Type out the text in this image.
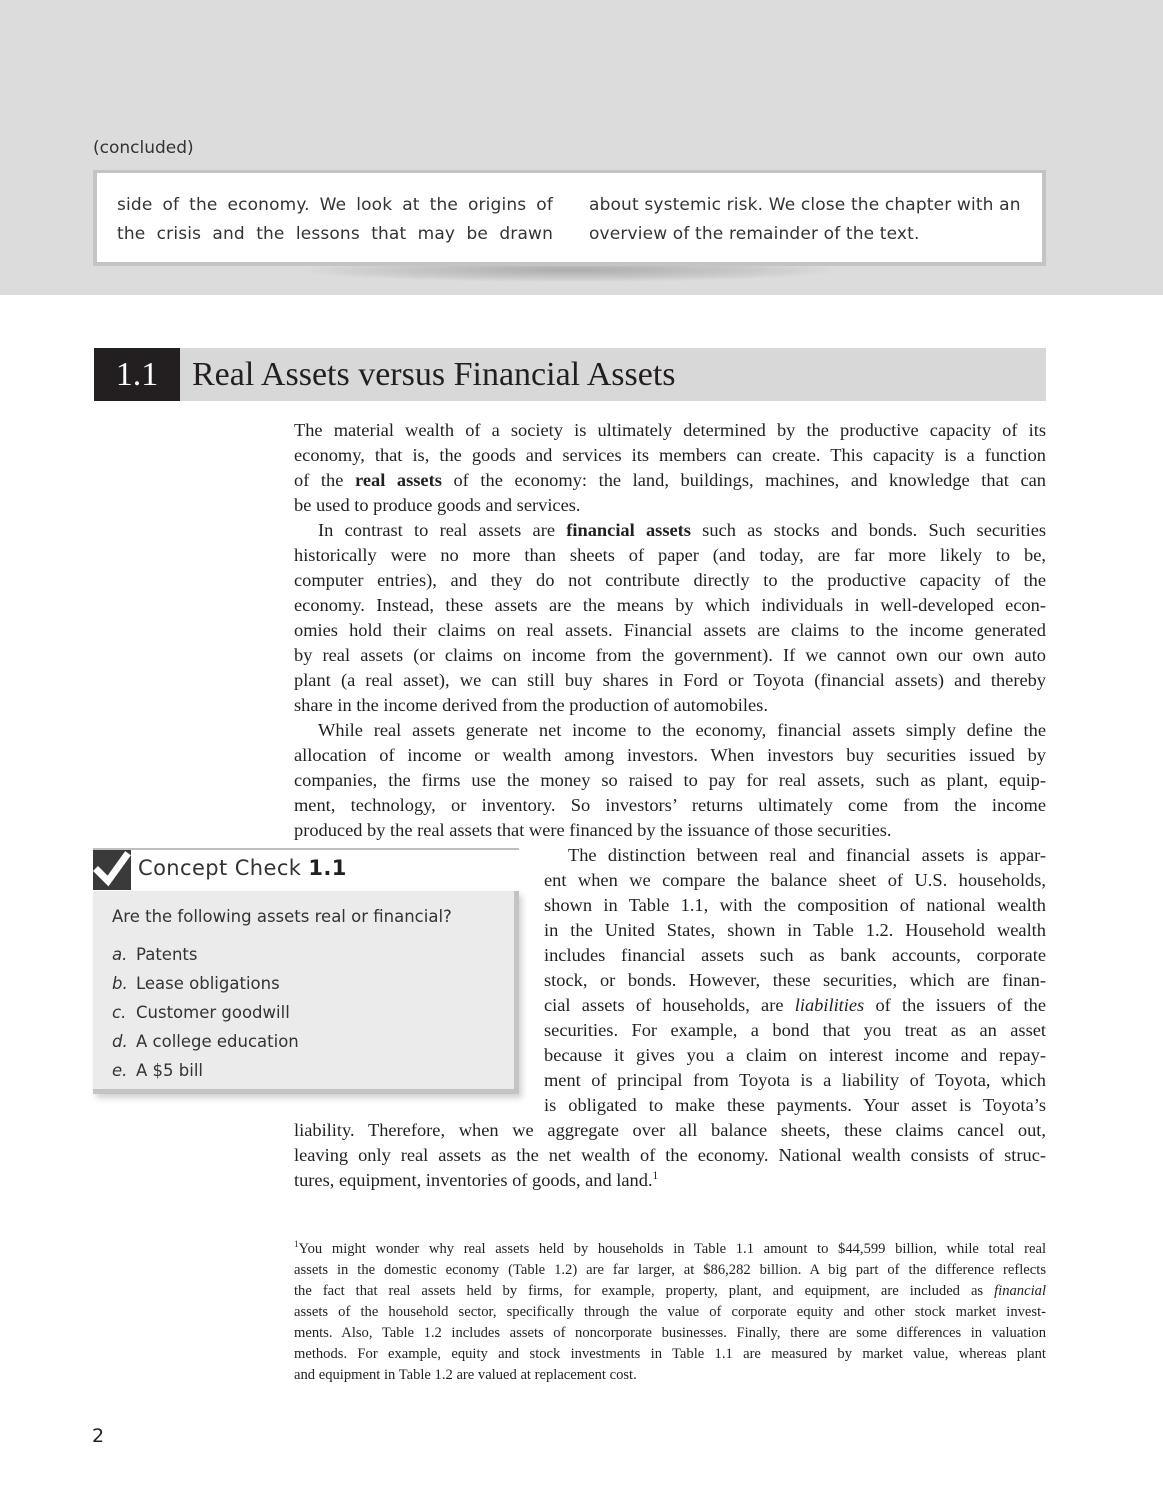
(concluded)
side of the economy. We look at the origins of
the crisis and the lessons that may be drawn
about systemic risk. We close the chapter with an
overview of the remainder of the text.
1.1 Real Assets versus Financial Assets
The material wealth of a society is ultimately determined by the productive capacity of its
economy, that is, the goods and services its members can create. This capacity is a function
of the real assets of the economy: the land, buildings, machines, and knowledge that can
be used to produce goods and services.
In contrast to real assets are financial assets such as stocks and bonds. Such securities
historically were no more than sheets of paper (and today, are far more likely to be,
computer entries), and they do not contribute directly to the productive capacity of the
economy. Instead, these assets are the means by which individuals in well-developed econ-
omies hold their claims on real assets. Financial assets are claims to the income generated
by real assets (or claims on income from the government). If we cannot own our own auto
plant (a real asset), we can still buy shares in Ford or Toyota (financial assets) and thereby
share in the income derived from the production of automobiles.
While real assets generate net income to the economy, financial assets simply define the
allocation of income or wealth among investors. When investors buy securities issued by
companies, the firms use the money so raised to pay for real assets, such as plant, equip-
ment, technology, or inventory. So investors’ returns ultimately come from the income
produced by the real assets that were financed by the issuance of those securities.
The distinction between real and financial assets is appar-
ent when we compare the balance sheet of U.S. households,
shown in Table 1.1, with the composition of national wealth
in the United States, shown in Table 1.2. Household wealth
includes financial assets such as bank accounts, corporate
stock, or bonds. However, these securities, which are finan-
cial assets of households, are liabilities of the issuers of the
securities. For example, a bond that you treat as an asset
because it gives you a claim on interest income and repay-
ment of principal from Toyota is a liability of Toyota, which
is obligated to make these payments. Your asset is Toyota’s
liability. Therefore, when we aggregate over all balance sheets, these claims cancel out,
leaving only real assets as the net wealth of the economy. National wealth consists of struc-
tures, equipment, inventories of goods, and land.$^1$
Concept Check 1.1
Are the following assets real or financial?
a. Patents
b. Lease obligations
c. Customer goodwill
d. A college education
e. A $5 bill
$^1$You might wonder why real assets held by households in Table 1.1 amount to $44,599 billion, while total real
assets in the domestic economy (Table 1.2) are far larger, at $86,282 billion. A big part of the difference reflects
the fact that real assets held by firms, for example, property, plant, and equipment, are included as financial
assets of the household sector, specifically through the value of corporate equity and other stock market invest-
ments. Also, Table 1.2 includes assets of noncorporate businesses. Finally, there are some differences in valuation
methods. For example, equity and stock investments in Table 1.1 are measured by market value, whereas plant
and equipment in Table 1.2 are valued at replacement cost.
2
